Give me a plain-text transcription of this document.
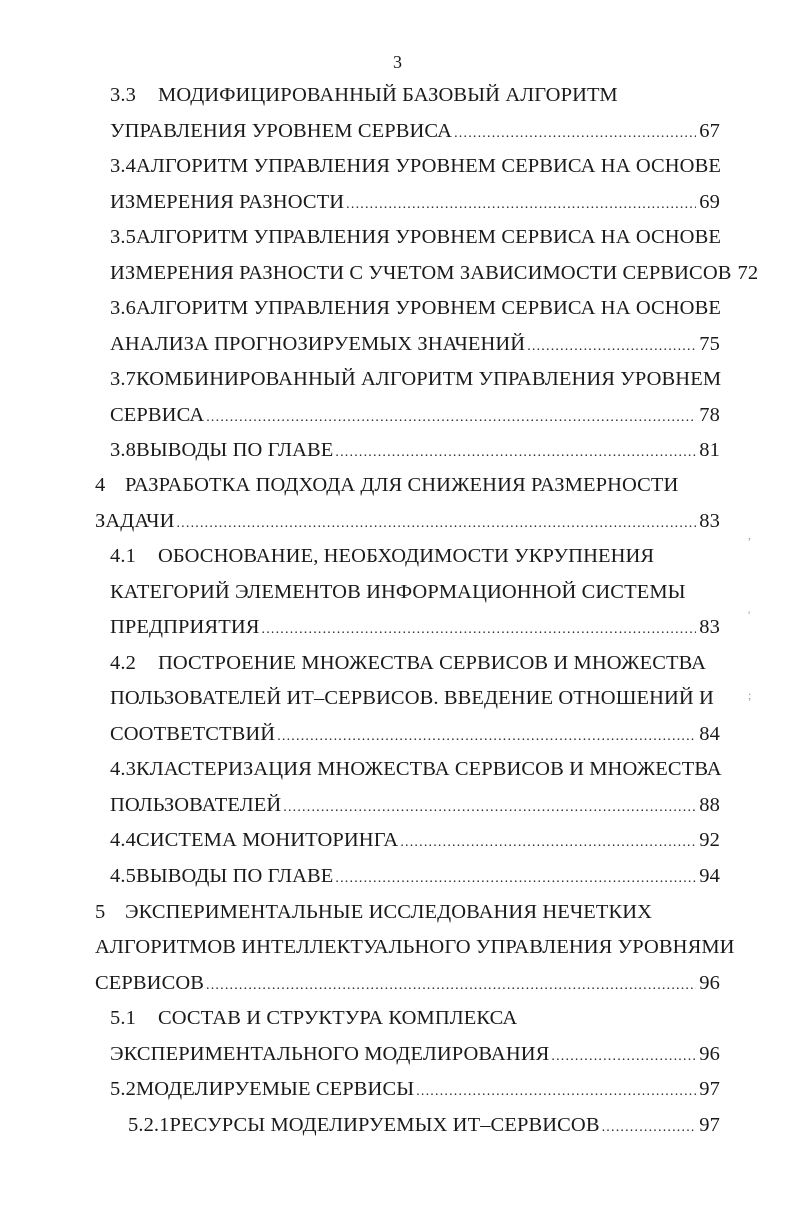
3
3.3	МОДИФИЦИРОВАННЫЙ БАЗОВЫЙ АЛГОРИТМ
УПРАВЛЕНИЯ УРОВНЕМ СЕРВИСА .....	67
3.4 АЛГОРИТМ УПРАВЛЕНИЯ УРОВНЕМ СЕРВИСА НА ОСНОВЕ
ИЗМЕРЕНИЯ РАЗНОСТИ .....	69
3.5 АЛГОРИТМ УПРАВЛЕНИЯ УРОВНЕМ СЕРВИСА НА ОСНОВЕ
ИЗМЕРЕНИЯ РАЗНОСТИ С УЧЕТОМ ЗАВИСИМОСТИ СЕРВИСОВ 72
3.6 АЛГОРИТМ УПРАВЛЕНИЯ УРОВНЕМ СЕРВИСА НА ОСНОВЕ
АНАЛИЗА ПРОГНОЗИРУЕМЫХ ЗНАЧЕНИЙ .....	75
3.7 КОМБИНИРОВАННЫЙ АЛГОРИТМ УПРАВЛЕНИЯ УРОВНЕМ
СЕРВИСА .....	78
3.8 ВЫВОДЫ ПО ГЛАВЕ .....	81
4 РАЗРАБОТКА ПОДХОДА ДЛЯ СНИЖЕНИЯ РАЗМЕРНОСТИ
ЗАДАЧИ .....	83
4.1	ОБОСНОВАНИЕ, НЕОБХОДИМОСТИ УКРУПНЕНИЯ
КАТЕГОРИЙ ЭЛЕМЕНТОВ ИНФОРМАЦИОННОЙ СИСТЕМЫ
ПРЕДПРИЯТИЯ .....	83
4.2	ПОСТРОЕНИЕ МНОЖЕСТВА СЕРВИСОВ И МНОЖЕСТВА
ПОЛЬЗОВАТЕЛЕЙ ИТ–СЕРВИСОВ. ВВЕДЕНИЕ ОТНОШЕНИЙ И
СООТВЕТСТВИЙ .....	84
4.3 КЛАСТЕРИЗАЦИЯ МНОЖЕСТВА СЕРВИСОВ И МНОЖЕСТВА
ПОЛЬЗОВАТЕЛЕЙ .....	88
4.4 СИСТЕМА МОНИТОРИНГА .....	92
4.5 ВЫВОДЫ ПО ГЛАВЕ .....	94
5 ЭКСПЕРИМЕНТАЛЬНЫЕ ИССЛЕДОВАНИЯ НЕЧЕТКИХ
АЛГОРИТМОВ ИНТЕЛЛЕКТУАЛЬНОГО УПРАВЛЕНИЯ УРОВНЯМИ
СЕРВИСОВ .....	96
5.1	СОСТАВ И СТРУКТУРА КОМПЛЕКСА
ЭКСПЕРИМЕНТАЛЬНОГО МОДЕЛИРОВАНИЯ .....	96
5.2 МОДЕЛИРУЕМЫЕ СЕРВИСЫ .....	97
5.2.1 РЕСУРСЫ МОДЕЛИРУЕМЫХ ИТ–СЕРВИСОВ .....	97
,
'
;
